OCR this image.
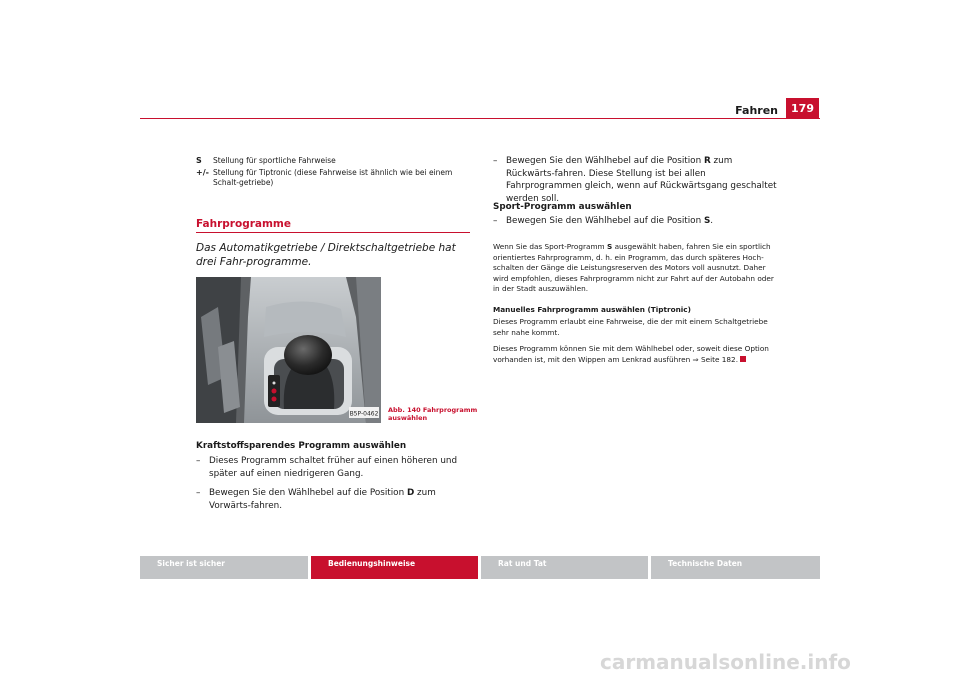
Fahren	179
S Stellung für sportliche Fahrweise
+/- Stellung für Tiptronic (diese Fahrweise ist ähnlich wie bei einem Schalt-getriebe)
Fahrprogramme
Das Automatikgetriebe / Direktschaltgetriebe hat drei Fahr-programme.
B5P-0462 Abb. 140 Fahrprogramm
auswählen
Kraftstoffsparendes Programm auswählen
– Dieses Programm schaltet früher auf einen höheren und später auf einen niedrigeren Gang.
– Bewegen Sie den Wählhebel auf die Position D zum Vorwärts-fahren.
– Bewegen Sie den Wählhebel auf die Position R zum Rückwärts-fahren. Diese Stellung ist bei allen Fahrprogrammen gleich, wenn auf Rückwärtsgang geschaltet werden soll.
Sport-Programm auswählen
– Bewegen Sie den Wählhebel auf die Position S.
Wenn Sie das Sport-Programm S ausgewählt haben, fahren Sie ein sportlich orientiertes Fahrprogramm, d. h. ein Programm, das durch späteres Hoch-schalten der Gänge die Leistungsreserven des Motors voll ausnutzt. Daher wird empfohlen, dieses Fahrprogramm nicht zur Fahrt auf der Autobahn oder in der Stadt auszuwählen.
Manuelles Fahrprogramm auswählen (Tiptronic)
Dieses Programm erlaubt eine Fahrweise, die der mit einem Schaltgetriebe sehr nahe kommt.
Dieses Programm können Sie mit dem Wählhebel oder, soweit diese Option vorhanden ist, mit den Wippen am Lenkrad ausführen ⇒ Seite 182.
Sicher ist sicher	Bedienungshinweise	Rat und Tat	Technische Daten
carmanualsonline.info
